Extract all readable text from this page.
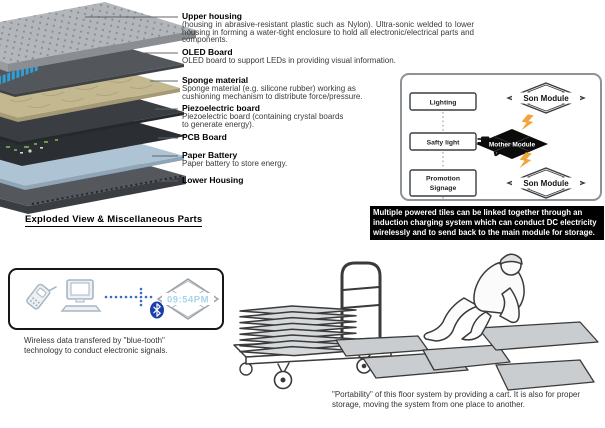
Upper housing
(housing in abrasive-resistant plastic such as Nylon). Ultra-sonic welded to lower housing in forming a water-tight enclosure to hold all electronic/electrical parts and components.
OLED Board
OLED board to support LEDs in providing visual information.
Sponge material
Sponge material (e.g. silicone rubber) working as cushioning mechanism to distribute force/pressure.
Piezoelectric board
Piezoelectric board (containing crystal boards to generate energy).
PCB Board
Paper Battery
Paper battery to store energy.
Lower Housing
Exploded View & Miscellaneous Parts
Lighting
Safty light
Promotion
Signage
Mother Module
Son Module
Son Module
Multiple powered tiles can be linked together through an induction charging system which can conduct DC electricity wirelessly and to send back to the main module for storage.
09:54PM
Wireless data transfered by "blue-tooth" technology to conduct electronic signals.
"Portability" of this floor system by providing a cart. It is also for proper storage, moving the system from one place to another.
